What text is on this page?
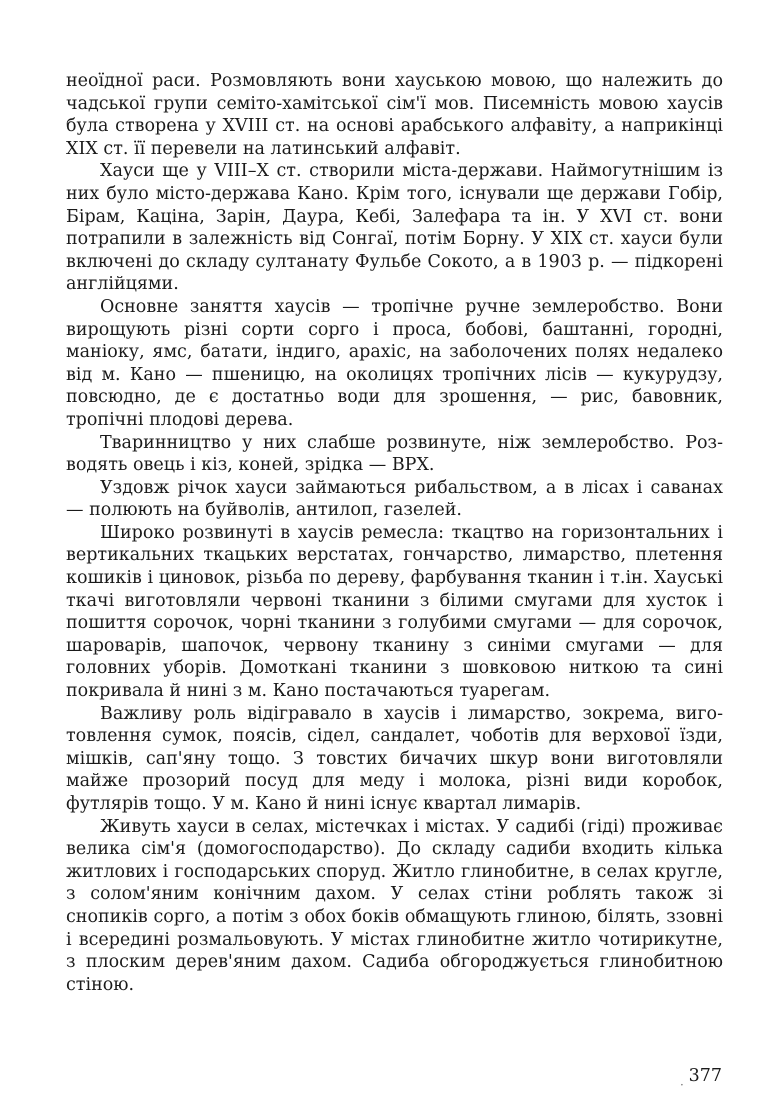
неоїдної раси. Розмовляють вони хауською мовою, що належить до чадської групи семіто-хамітської сім'ї мов. Писемність мовою хаусів була створена у XVIII ст. на основі арабського алфавіту, а наприкінці XIX ст. її перевели на латинський алфавіт.

Хауси ще у VIII–X ст. створили міста-держави. Наймогутнішим із них було місто-держава Кано. Крім того, існували ще держави Гобір, Бірам, Каціна, Зарін, Даура, Кебі, Залефара та ін. У XVI ст. вони потрапили в залежність від Сонгаї, потім Борну. У XIX ст. хауси були включені до складу султанату Фульбе Сокото, а в 1903 р. — підкорені англійцями.

Основне заняття хаусів — тропічне ручне землеробство. Вони вирощують різні сорти сорго і проса, бобові, баштанні, городні, маніоку, ямс, батати, індиго, арахіс, на заболочених полях недалеко від м. Кано — пшеницю, на околицях тропічних лісів — кукурудзу, повсюдно, де є достатньо води для зрошення, — рис, бавовник, тропічні плодові дерева.

Тваринництво у них слабше розвинуте, ніж землеробство. Розводять овець і кіз, коней, зрідка — ВРХ.

Уздовж річок хауси займаються рибальством, а в лісах і саванах — полюють на буйволів, антилоп, газелей.

Широко розвинуті в хаусів ремесла: ткацтво на горизонтальних і вертикальних ткацьких верстатах, гончарство, лимарство, плетення кошиків і циновок, різьба по дереву, фарбування тканин і т.ін. Хауські ткачі виготовляли червоні тканини з білими смугами для хусток і пошиття сорочок, чорні тканини з голубими смугами — для сорочок, шароварів, шапочок, червону тканину з синіми смугами — для головних уборів. Домоткані тканини з шовковою ниткою та сині покривала й нині з м. Кано постачаються туарегам.

Важливу роль відігравало в хаусів і лимарство, зокрема, виготовлення сумок, поясів, сідел, сандалет, чоботів для верхової їзди, мішків, сап'яну тощо. З товстих бичачих шкур вони виготовляли майже прозорий посуд для меду і молока, різні види коробок, футлярів тощо. У м. Кано й нині існує квартал лимарів.

Живуть хауси в селах, містечках і містах. У садибі (гіді) проживає велика сім'я (домогосподарство). До складу садиби входить кілька житлових і господарських споруд. Житло глинобитне, в селах кругле, з солом'яним конічним дахом. У селах стіни роблять також зі снопиків сорго, а потім з обох боків обмащують глиною, білять, ззовні і всередині розмальовують. У містах глинобитне житло чотирикутне, з плоским дерев'яним дахом. Садиба обгороджується глинобитною стіною.

· 377
